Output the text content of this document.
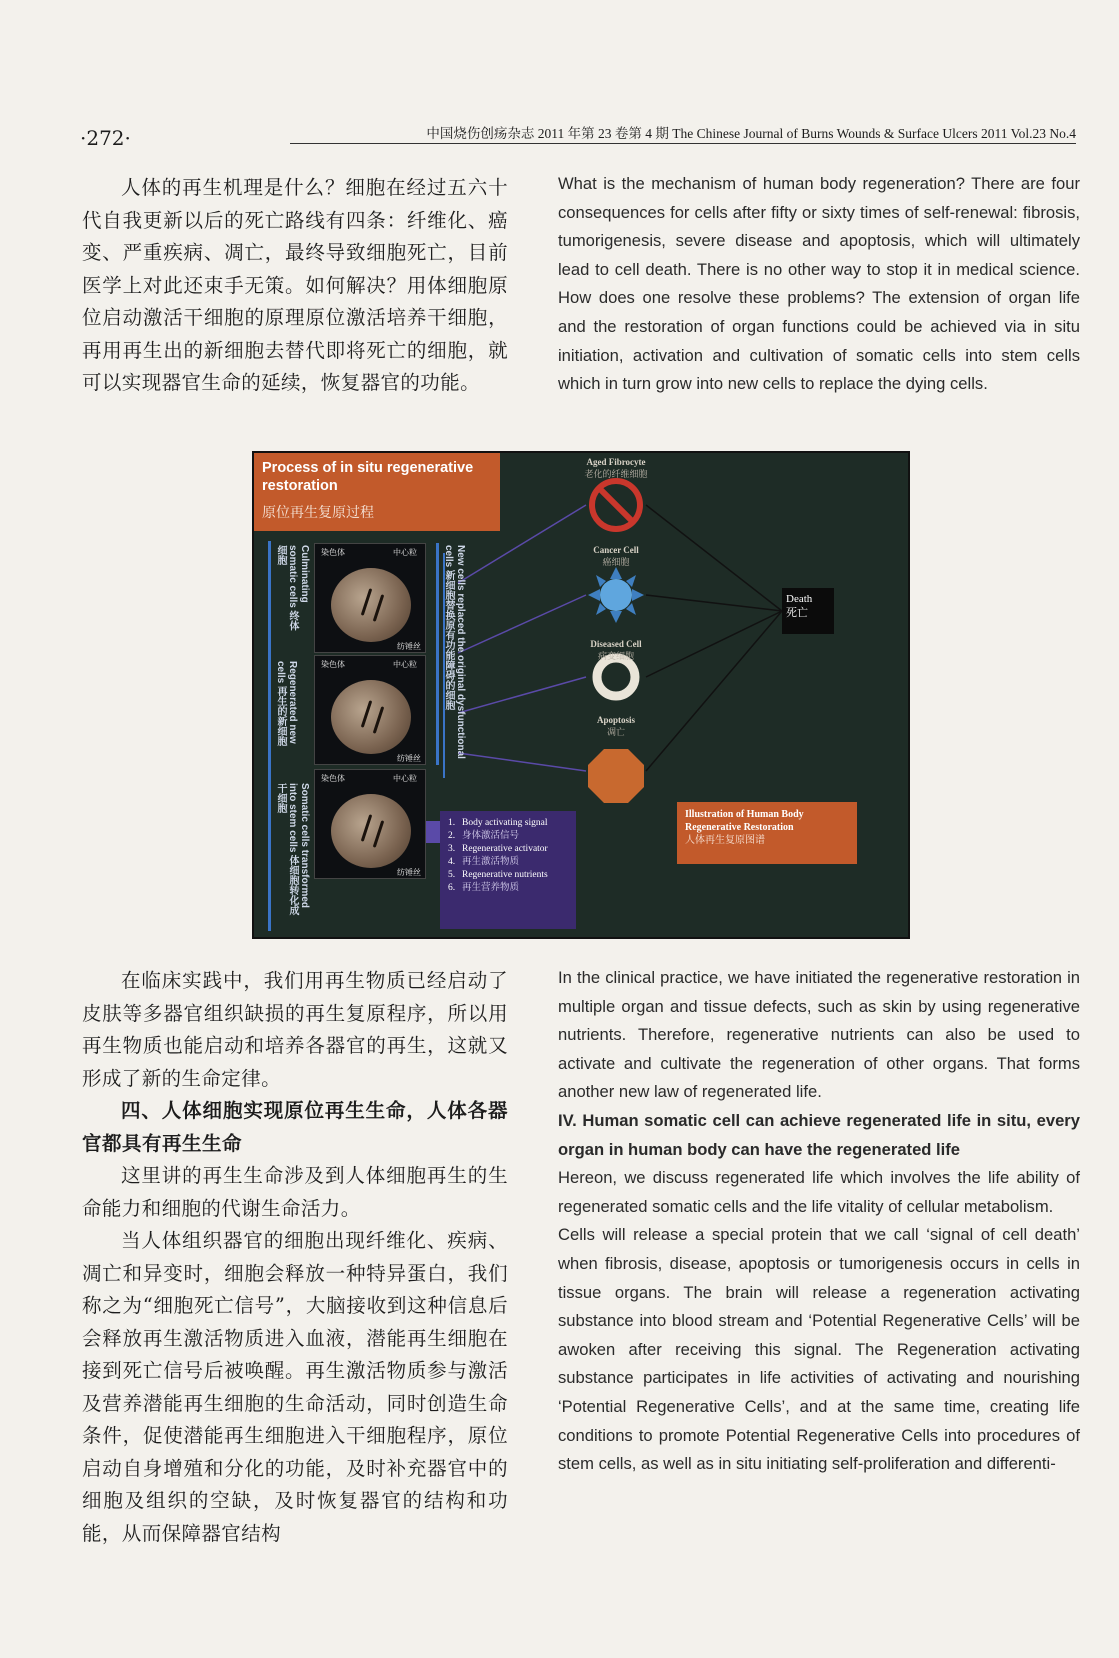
·272·	中国烧伤创疡杂志 2011 年第 23 卷第 4 期 The Chinese Journal of Burns Wounds & Surface Ulcers 2011 Vol.23 No.4

人体的再生机理是什么？细胞在经过五六十代自我更新以后的死亡路线有四条：纤维化、癌变、严重疾病、凋亡，最终导致细胞死亡，目前医学上对此还束手无策。如何解决？用体细胞原位启动激活干细胞的原理原位激活培养干细胞，再用再生出的新细胞去替代即将死亡的细胞，就可以实现器官生命的延续，恢复器官的功能。

What is the mechanism of human body regeneration? There are four consequences for cells after fifty or sixty times of self-renewal: fibrosis, tumorigenesis, severe disease and apoptosis, which will ultimately lead to cell death. There is no other way to stop it in medical science. How does one resolve these problems? The extension of organ life and the restoration of organ functions could be achieved via in situ initiation, activation and cultivation of somatic cells into stem cells which in turn grow into new cells to replace the dying cells.

Process of in situ regenerative restoration
原位再生复原过程
Culminating somatic cells 终体细胞
Regenerated new cells 再生的新细胞
Somatic cells transformed into stem cells 体细胞转化成干细胞
染色体	中心粒
纺锤丝
染色体	中心粒
纺锤丝
染色体	中心粒
纺锤丝
New cells replaced the original dysfunctional cells 新细胞替换原有功能障碍的细胞
1. Body activating signal
2. 身体激活信号
3. Regenerative activator
4. 再生激活物质
5. Regenerative nutrients
6. 再生营养物质
Aged Fibrocyte
老化的纤维细胞
Cancer Cell
癌细胞
Diseased Cell
病变细胞
Apoptosis
凋亡
Death
死亡
Illustration of Human Body Regenerative Restoration
人体再生复原图谱

在临床实践中，我们用再生物质已经启动了皮肤等多器官组织缺损的再生复原程序，所以用再生物质也能启动和培养各器官的再生，这就又形成了新的生命定律。

四、人体细胞实现原位再生生命，人体各器官都具有再生生命

这里讲的再生生命涉及到人体细胞再生的生命能力和细胞的代谢生命活力。

当人体组织器官的细胞出现纤维化、疾病、凋亡和异变时，细胞会释放一种特异蛋白，我们称之为“细胞死亡信号”，大脑接收到这种信息后会释放再生激活物质进入血液，潜能再生细胞在接到死亡信号后被唤醒。再生激活物质参与激活及营养潜能再生细胞的生命活动，同时创造生命条件，促使潜能再生细胞进入干细胞程序，原位启动自身增殖和分化的功能，及时补充器官中的细胞及组织的空缺，及时恢复器官的结构和功能，从而保障器官结构

In the clinical practice, we have initiated the regenerative restoration in multiple organ and tissue defects, such as skin by using regenerative nutrients. Therefore, regenerative nutrients can also be used to activate and cultivate the regeneration of other organs. That forms another new law of regenerated life.

IV. Human somatic cell can achieve regenerated life in situ, every organ in human body can have the regenerated life

Hereon, we discuss regenerated life which involves the life ability of regenerated somatic cells and the life vitality of cellular metabolism.

Cells will release a special protein that we call ‘signal of cell death’ when fibrosis, disease, apoptosis or tumorigenesis occurs in cells in tissue organs. The brain will release a regeneration activating substance into blood stream and ‘Potential Regenerative Cells’ will be awoken after receiving this signal. The Regeneration activating substance participates in life activities of activating and nourishing ‘Potential Regenerative Cells’, and at the same time, creating life conditions to promote Potential Regenerative Cells into procedures of stem cells, as well as in situ initiating self-proliferation and differenti-
